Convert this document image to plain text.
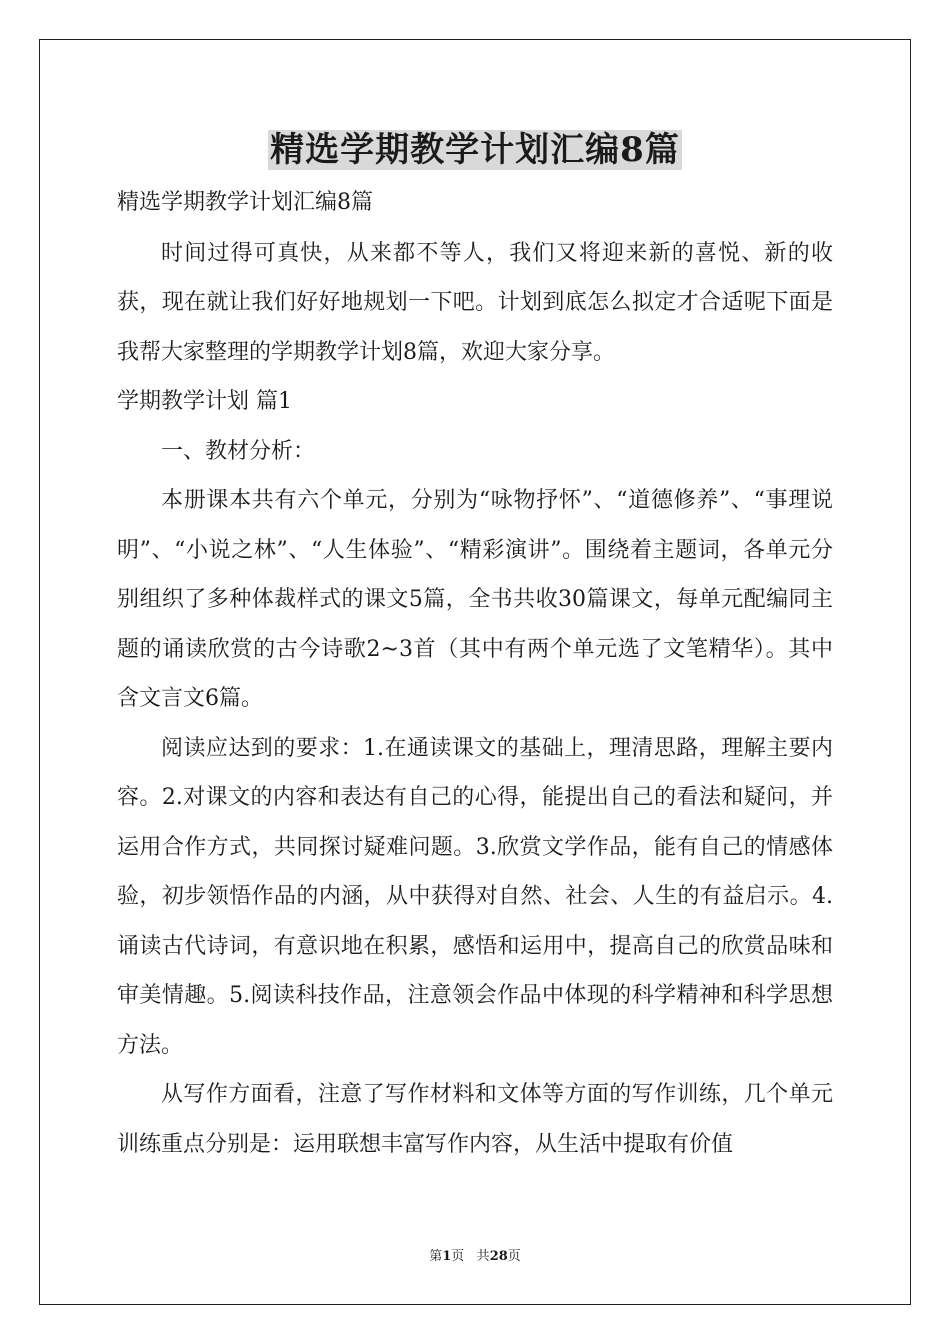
精选学期教学计划汇编8篇

精选学期教学计划汇编8篇

时间过得可真快，从来都不等人，我们又将迎来新的喜悦、新的收获，现在就让我们好好地规划一下吧。计划到底怎么拟定才合适呢下面是我帮大家整理的学期教学计划8篇，欢迎大家分享。

学期教学计划 篇1

一、教材分析：

本册课本共有六个单元，分别为“咏物抒怀”、“道德修养”、“事理说明”、“小说之林”、“人生体验”、“精彩演讲”。围绕着主题词，各单元分别组织了多种体裁样式的课文5篇，全书共收30篇课文，每单元配编同主题的诵读欣赏的古今诗歌2~3首（其中有两个单元选了文笔精华）。其中含文言文6篇。

阅读应达到的要求：1.在通读课文的基础上，理清思路，理解主要内容。2.对课文的内容和表达有自己的心得，能提出自己的看法和疑问，并运用合作方式，共同探讨疑难问题。3.欣赏文学作品，能有自己的情感体验，初步领悟作品的内涵，从中获得对自然、社会、人生的有益启示。4.诵读古代诗词，有意识地在积累，感悟和运用中，提高自己的欣赏品味和审美情趣。5.阅读科技作品，注意领会作品中体现的科学精神和科学思想方法。

从写作方面看，注意了写作材料和文体等方面的写作训练，几个单元训练重点分别是：运用联想丰富写作内容，从生活中提取有价值

第1页 共28页
